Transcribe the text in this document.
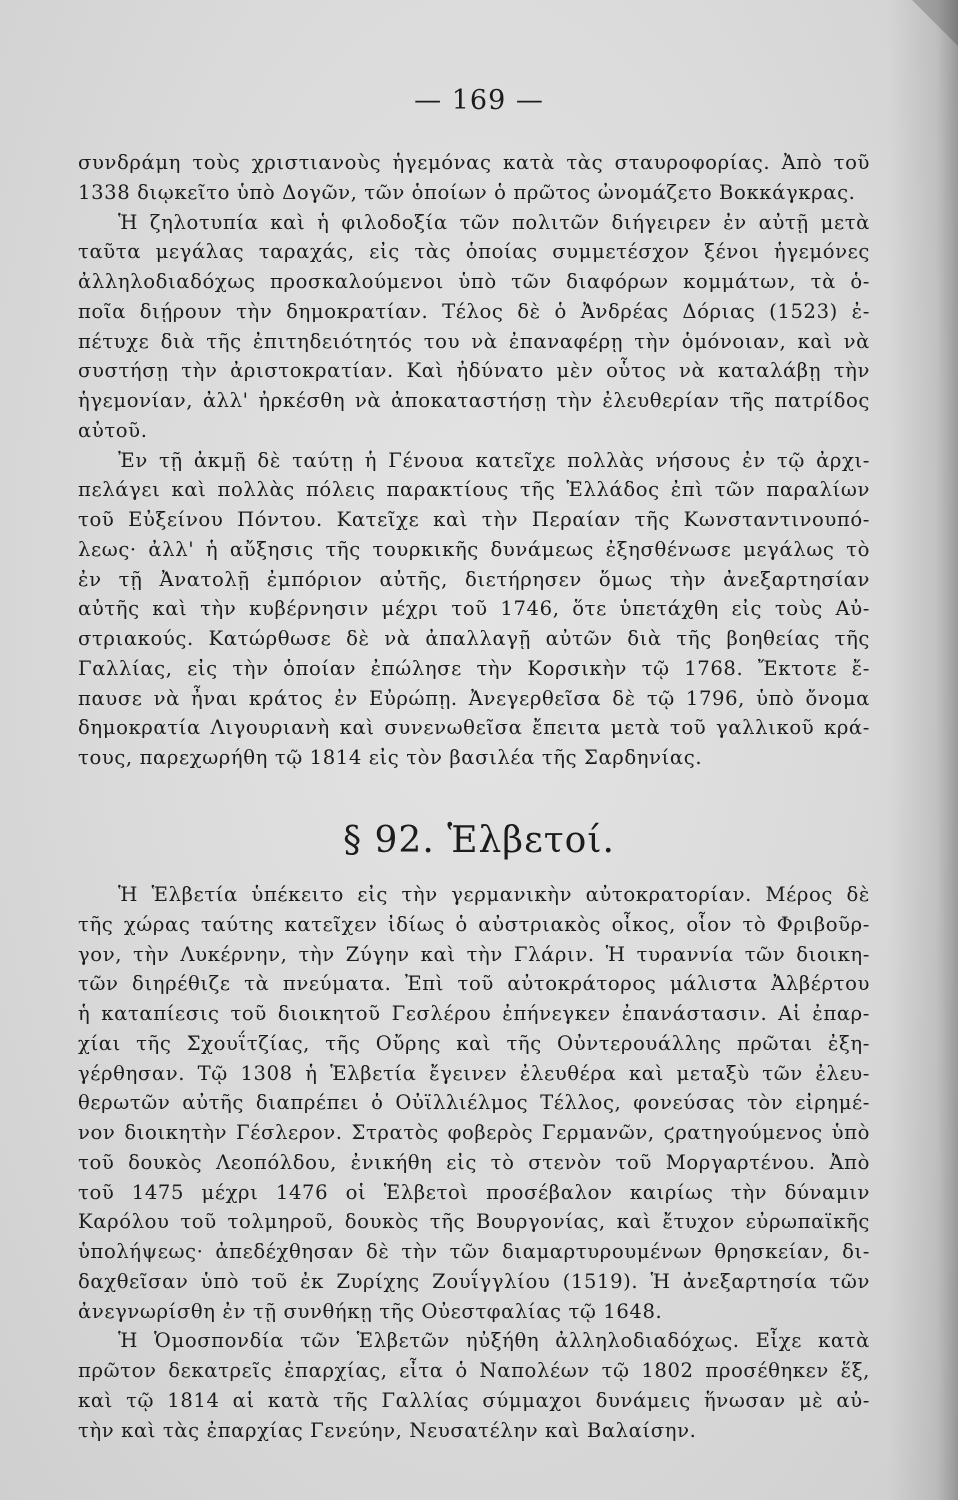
— 169 —

συνδράμη τοὺς χριστιανοὺς ἡγεμόνας κατὰ τὰς σταυροφορίας. Ἀπὸ τοῦ
1338 διῳκεῖτο ὑπὸ Δογῶν, τῶν ὁποίων ὁ πρῶτος ὠνομάζετο Βοκκάγκρας.

Ἡ ζηλοτυπία καὶ ἡ φιλοδοξία τῶν πολιτῶν διήγειρεν ἐν αὐτῇ μετὰ
ταῦτα μεγάλας ταραχάς, εἰς τὰς ὁποίας συμμετέσχον ξένοι ἡγεμόνες
ἀλληλοδιαδόχως προσκαλούμενοι ὑπὸ τῶν διαφόρων κομμάτων, τὰ ὁ-
ποῖα διῄρουν τὴν δημοκρατίαν. Τέλος δὲ ὁ Ἀνδρέας Δόριας (1523) ἐ-
πέτυχε διὰ τῆς ἐπιτηδειότητός του νὰ ἐπαναφέρῃ τὴν ὁμόνοιαν, καὶ νὰ
συστήσῃ τὴν ἀριστοκρατίαν. Καὶ ἠδύνατο μὲν οὗτος νὰ καταλάβῃ τὴν
ἡγεμονίαν, ἀλλ' ἠρκέσθη νὰ ἀποκαταστήσῃ τὴν ἐλευθερίαν τῆς πατρίδος
αὐτοῦ.

Ἐν τῇ ἀκμῇ δὲ ταύτῃ ἡ Γένουα κατεῖχε πολλὰς νήσους ἐν τῷ ἀρχι-
πελάγει καὶ πολλὰς πόλεις παρακτίους τῆς Ἑλλάδος ἐπὶ τῶν παραλίων
τοῦ Εὐξείνου Πόντου. Κατεῖχε καὶ τὴν Περαίαν τῆς Κωνσταντινουπό-
λεως· ἀλλ' ἡ αὔξησις τῆς τουρκικῆς δυνάμεως ἐξησθένωσε μεγάλως τὸ
ἐν τῇ Ἀνατολῇ ἐμπόριον αὐτῆς, διετήρησεν ὅμως τὴν ἀνεξαρτησίαν
αὐτῆς καὶ τὴν κυβέρνησιν μέχρι τοῦ 1746, ὅτε ὑπετάχθη εἰς τοὺς Αὐ-
στριακούς. Κατώρθωσε δὲ νὰ ἀπαλλαγῇ αὐτῶν διὰ τῆς βοηθείας τῆς
Γαλλίας, εἰς τὴν ὁποίαν ἐπώλησε τὴν Κορσικὴν τῷ 1768. Ἔκτοτε ἔ-
παυσε νὰ ἦναι κράτος ἐν Εὐρώπῃ. Ἀνεγερθεῖσα δὲ τῷ 1796, ὑπὸ ὄνομα
δημοκρατία Λιγουριανὴ καὶ συνενωθεῖσα ἔπειτα μετὰ τοῦ γαλλικοῦ κρά-
τους, παρεχωρήθη τῷ 1814 εἰς τὸν βασιλέα τῆς Σαρδηνίας.

§ 92. Ἑλβετοί.

Ἡ Ἑλβετία ὑπέκειτο εἰς τὴν γερμανικὴν αὐτοκρατορίαν. Μέρος δὲ
τῆς χώρας ταύτης κατεῖχεν ἰδίως ὁ αὐστριακὸς οἶκος, οἷον τὸ Φριβοῦρ-
γον, τὴν Λυκέρνην, τὴν Ζύγην καὶ τὴν Γλάριν. Ἡ τυραννία τῶν διοικη-
τῶν διηρέθιζε τὰ πνεύματα. Ἐπὶ τοῦ αὐτοκράτορος μάλιστα Ἀλβέρτου
ἡ καταπίεσις τοῦ διοικητοῦ Γεσλέρου ἐπήνεγκεν ἐπανάστασιν. Αἱ ἐπαρ-
χίαι τῆς Σχουΐτζίας, τῆς Οὔρης καὶ τῆς Οὐντερουάλλης πρῶται ἐξη-
γέρθησαν. Τῷ 1308 ἡ Ἑλβετία ἔγεινεν ἐλευθέρα καὶ μεταξὺ τῶν ἐλευ-
θερωτῶν αὐτῆς διαπρέπει ὁ Οὐϊλλιέλμος Τέλλος, φονεύσας τὸν εἰρημέ-
νον διοικητὴν Γέσλερον. Στρατὸς φοβερὸς Γερμανῶν, ϛρατηγούμενος ὑπὸ
τοῦ δουκὸς Λεοπόλδου, ἐνικήθη εἰς τὸ στενὸν τοῦ Μοργαρτένου. Ἀπὸ
τοῦ 1475 μέχρι 1476 οἱ Ἑλβετοὶ προσέβαλον καιρίως τὴν δύναμιν
Καρόλου τοῦ τολμηροῦ, δουκὸς τῆς Βουργονίας, καὶ ἔτυχον εὐρωπαϊκῆς
ὑπολήψεως· ἀπεδέχθησαν δὲ τὴν τῶν διαμαρτυρουμένων θρησκείαν, δι-
δαχθεῖσαν ὑπὸ τοῦ ἐκ Ζυρίχης Ζουΐγγλίου (1519). Ἡ ἀνεξαρτησία τῶν
ἀνεγνωρίσθη ἐν τῇ συνθήκῃ τῆς Οὐεστφαλίας τῷ 1648.

Ἡ Ὁμοσπονδία τῶν Ἑλβετῶν ηὐξήθη ἀλληλοδιαδόχως. Εἶχε κατὰ
πρῶτον δεκατρεῖς ἐπαρχίας, εἶτα ὁ Ναπολέων τῷ 1802 προσέθηκεν ἕξ,
καὶ τῷ 1814 αἱ κατὰ τῆς Γαλλίας σύμμαχοι δυνάμεις ἥνωσαν μὲ αὐ-
τὴν καὶ τὰς ἐπαρχίας Γενεύην, Νευσατέλην καὶ Βαλαίσην.
